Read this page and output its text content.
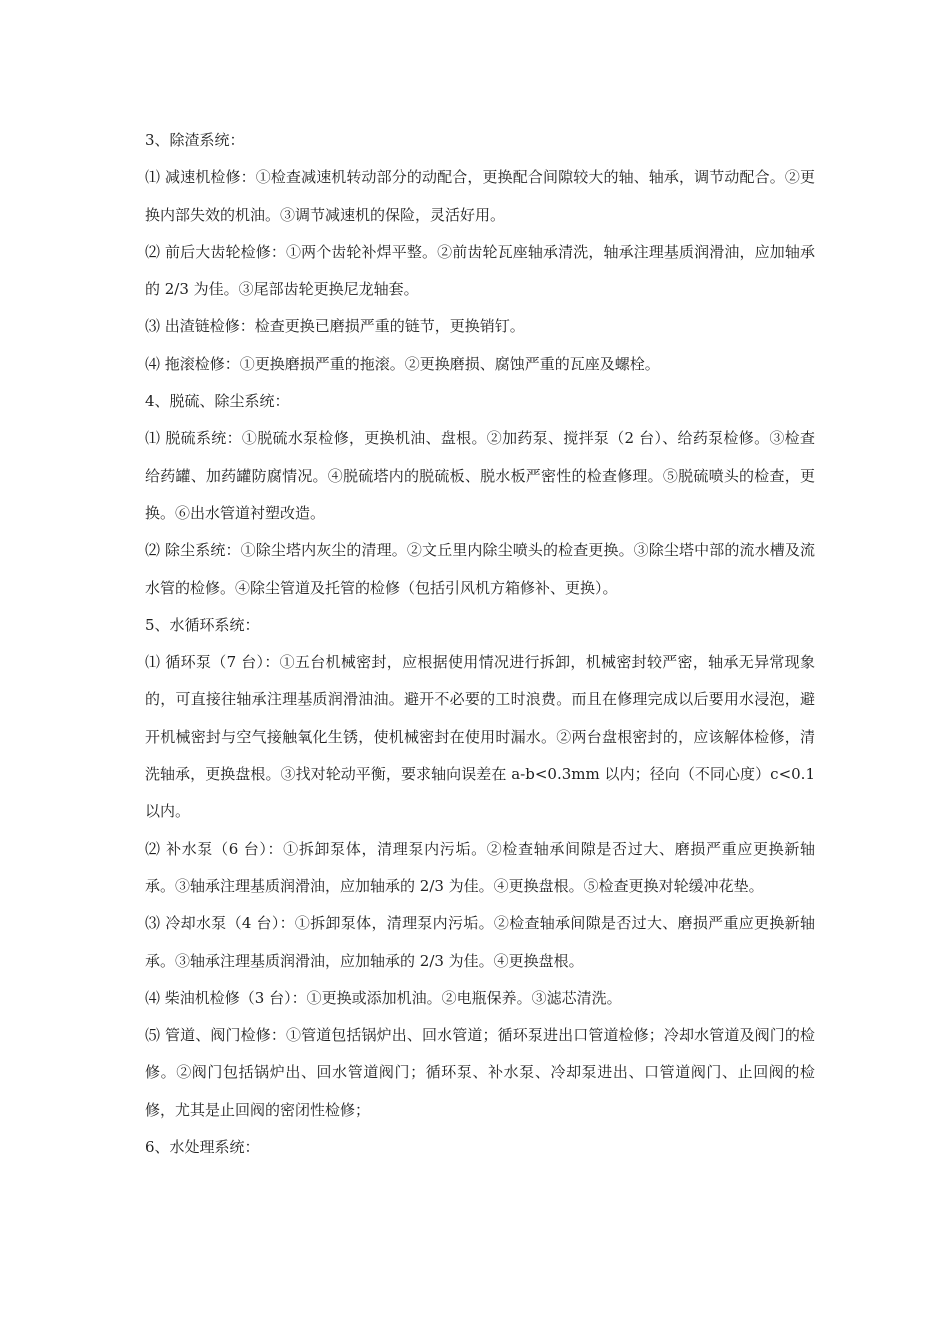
3、除渣系统：

⑴ 减速机检修：①检查减速机转动部分的动配合，更换配合间隙较大的轴、轴承，调节动配合。②更换内部失效的机油。③调节减速机的保险，灵活好用。

⑵ 前后大齿轮检修：①两个齿轮补焊平整。②前齿轮瓦座轴承清洗，轴承注理基质润滑油，应加轴承的 2/3 为佳。③尾部齿轮更换尼龙轴套。

⑶ 出渣链检修：检查更换已磨损严重的链节，更换销钉。

⑷ 拖滚检修：①更换磨损严重的拖滚。②更换磨损、腐蚀严重的瓦座及螺栓。

4、脱硫、除尘系统：

⑴ 脱硫系统：①脱硫水泵检修，更换机油、盘根。②加药泵、搅拌泵（2 台）、给药泵检修。③检查给药罐、加药罐防腐情况。④脱硫塔内的脱硫板、脱水板严密性的检查修理。⑤脱硫喷头的检查，更换。⑥出水管道衬塑改造。

⑵ 除尘系统：①除尘塔内灰尘的清理。②文丘里内除尘喷头的检查更换。③除尘塔中部的流水槽及流水管的检修。④除尘管道及托管的检修（包括引风机方箱修补、更换）。

5、水循环系统：

⑴ 循环泵（7 台）：①五台机械密封，应根据使用情况进行拆卸，机械密封较严密，轴承无异常现象的，可直接往轴承注理基质润滑油油。避开不必要的工时浪费。而且在修理完成以后要用水浸泡，避开机械密封与空气接触氧化生锈，使机械密封在使用时漏水。②两台盘根密封的，应该解体检修，清洗轴承，更换盘根。③找对轮动平衡，要求轴向误差在 a-b<0.3mm 以内；径向（不同心度）c<0.1 以内。

⑵ 补水泵（6 台）：①拆卸泵体，清理泵内污垢。②检查轴承间隙是否过大、磨损严重应更换新轴承。③轴承注理基质润滑油，应加轴承的 2/3 为佳。④更换盘根。⑤检查更换对轮缓冲花垫。

⑶ 冷却水泵（4 台）：①拆卸泵体，清理泵内污垢。②检查轴承间隙是否过大、磨损严重应更换新轴承。③轴承注理基质润滑油，应加轴承的 2/3 为佳。④更换盘根。

⑷ 柴油机检修（3 台）：①更换或添加机油。②电瓶保养。③滤芯清洗。

⑸ 管道、阀门检修：①管道包括锅炉出、回水管道；循环泵进出口管道检修；冷却水管道及阀门的检修。②阀门包括锅炉出、回水管道阀门；循环泵、补水泵、冷却泵进出、口管道阀门、止回阀的检修，尤其是止回阀的密闭性检修；

6、水处理系统：
